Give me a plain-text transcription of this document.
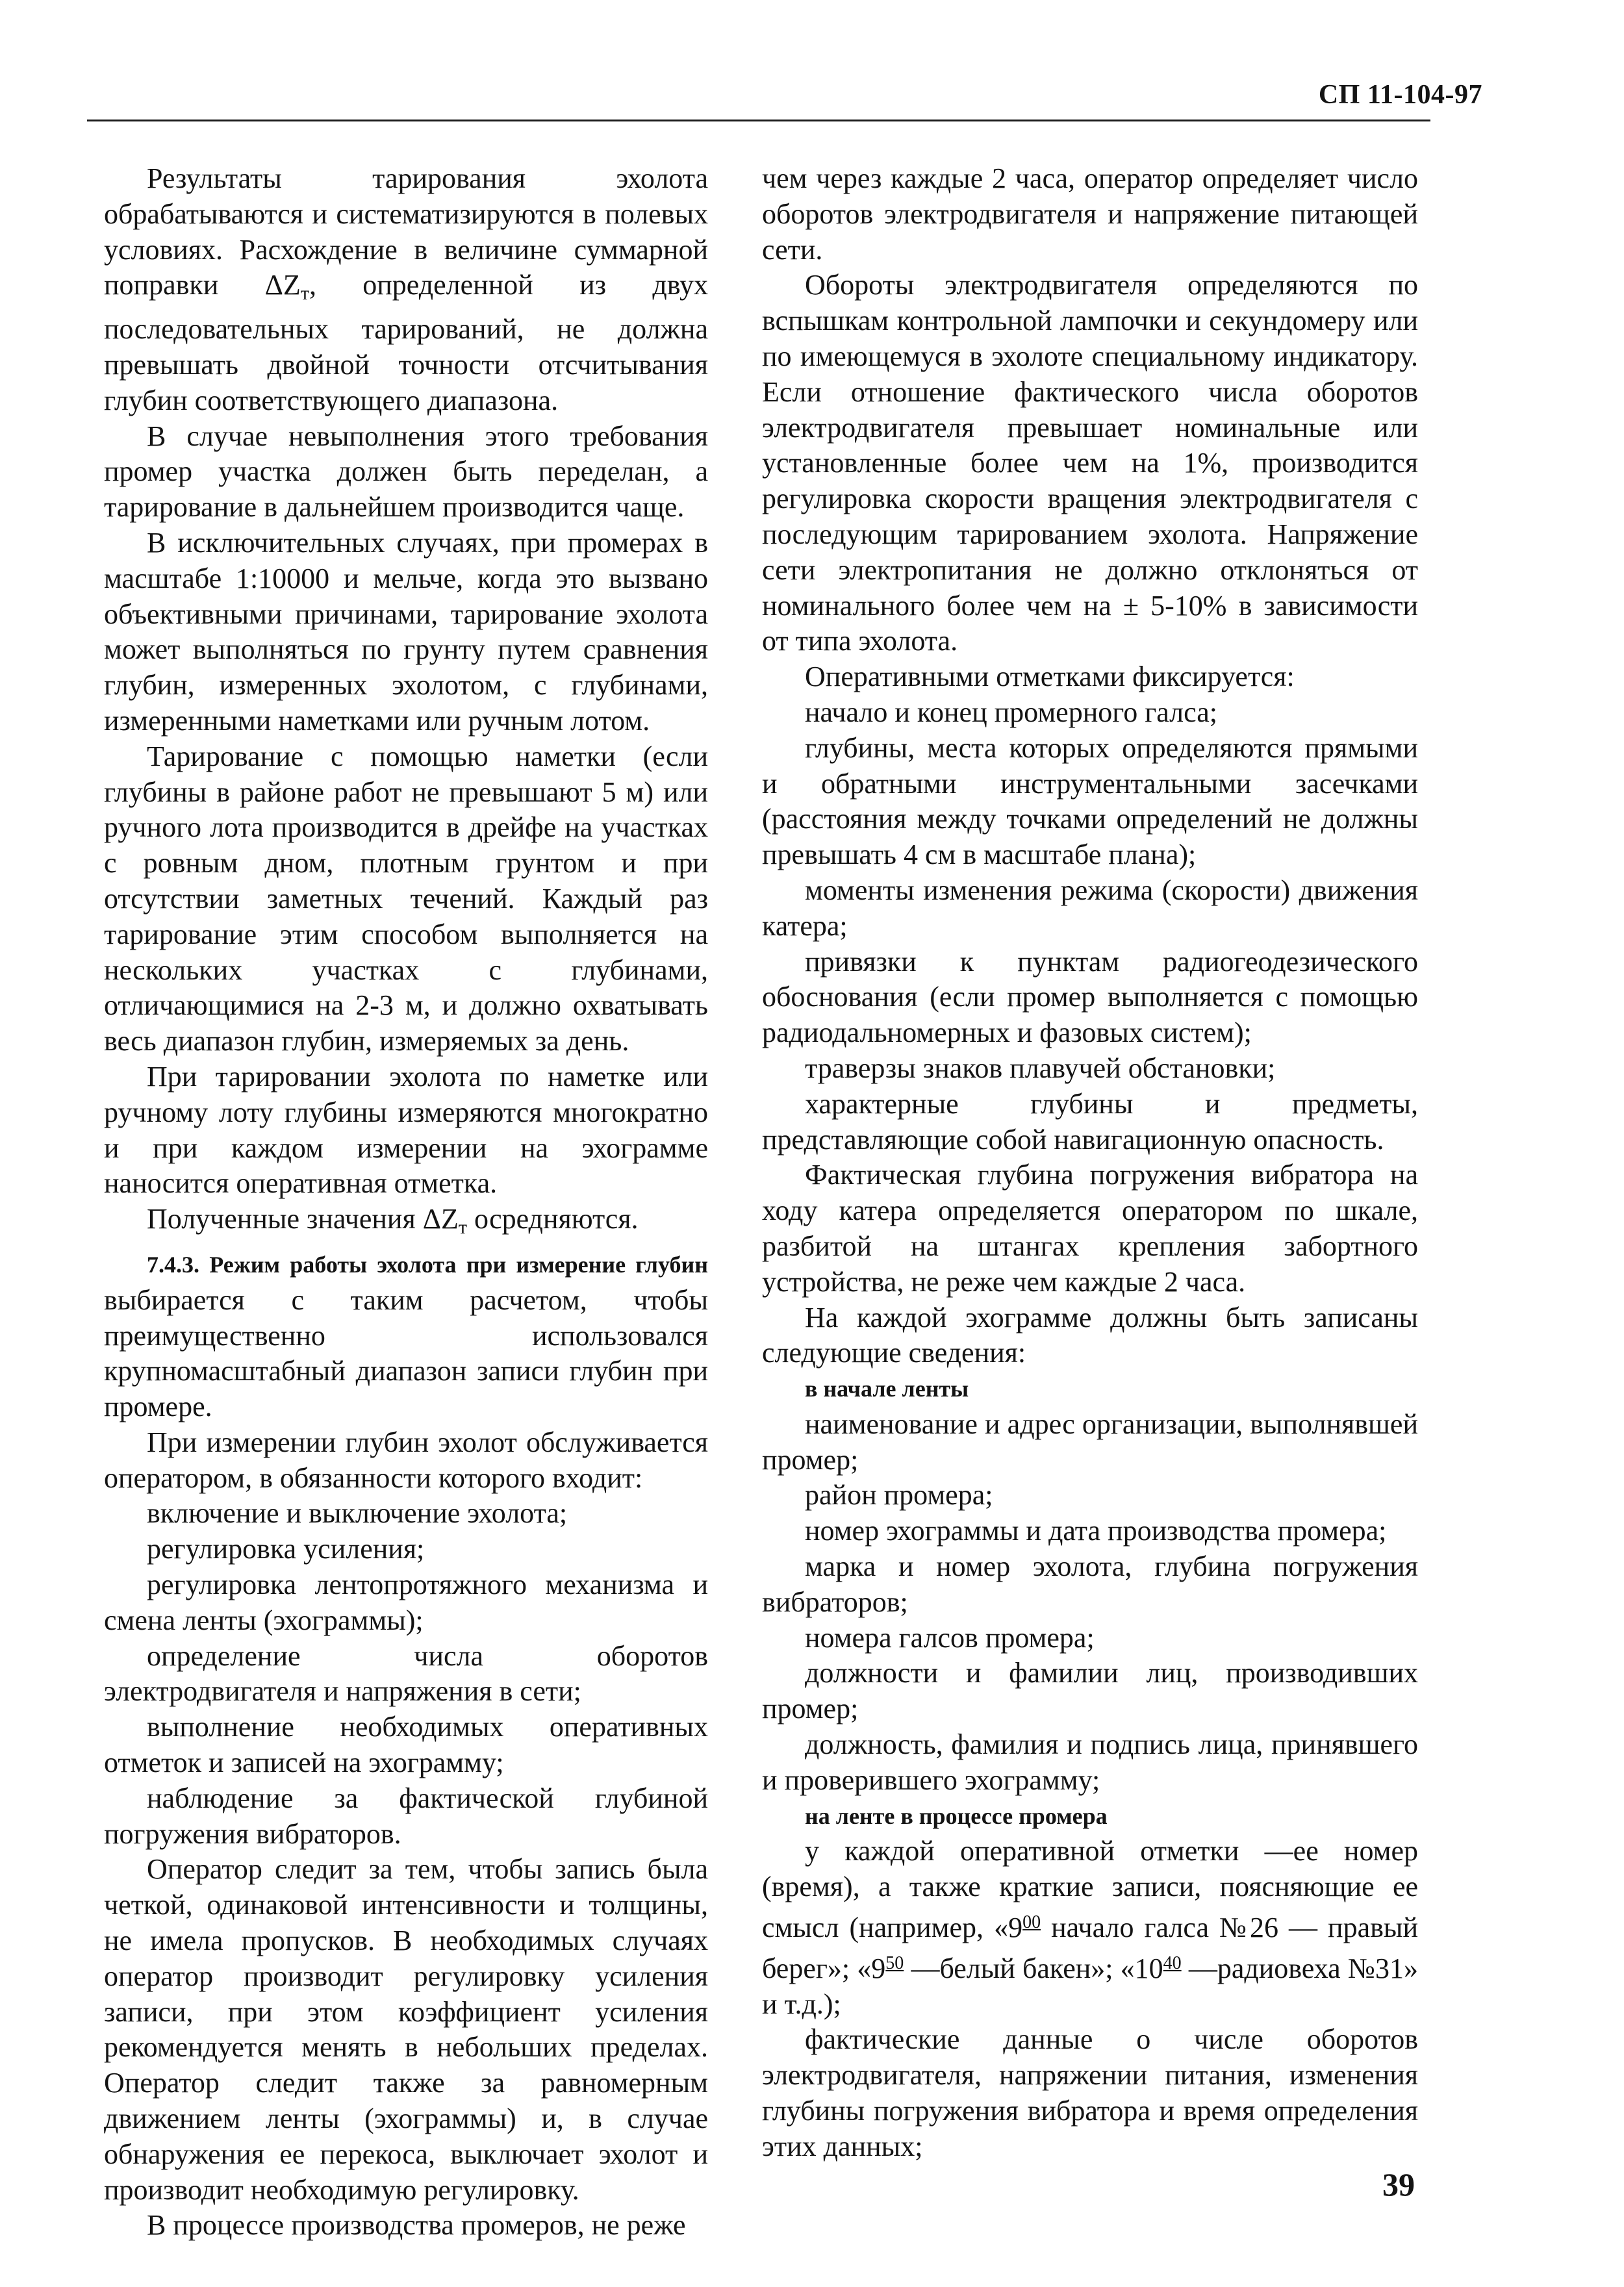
СП 11-104-97

Результаты тарирования эхолота обрабатываются и систематизируются в полевых условиях. Расхождение в величине суммарной поправки $\Delta Z_т$, определенной из двух последовательных тарирований, не должна превышать двойной точности отсчитывания глубин соответствующего диапазона.

В случае невыполнения этого требования промер участка должен быть переделан, а тарирование в дальнейшем производится чаще.

В исключительных случаях, при промерах в масштабе 1:10000 и мельче, когда это вызвано объективными причинами, тарирование эхолота может выполняться по грунту путем сравнения глубин, измеренных эхолотом, с глубинами, измеренными наметками или ручным лотом.

Тарирование с помощью наметки (если глубины в районе работ не превышают 5 м) или ручного лота производится в дрейфе на участках с ровным дном, плотным грунтом и при отсутствии заметных течений. Каждый раз тарирование этим способом выполняется на нескольких участках с глубинами, отличающимися на 2-3 м, и должно охватывать весь диапазон глубин, измеряемых за день.

При тарировании эхолота по наметке или ручному лоту глубины измеряются многократно и при каждом измерении на эхограмме наносится оперативная отметка.

Полученные значения $\Delta Z_т$ осредняются.

7.4.3. Режим работы эхолота при измерение глубин выбирается с таким расчетом, чтобы преимущественно использовался крупномасштабный диапазон записи глубин при промере.

При измерении глубин эхолот обслуживается оператором, в обязанности которого входит:

включение и выключение эхолота;

регулировка усиления;

регулировка лентопротяжного механизма и смена ленты (эхограммы);

определение числа оборотов электродвигателя и напряжения в сети;

выполнение необходимых оперативных отметок и записей на эхограмму;

наблюдение за фактической глубиной погружения вибраторов.

Оператор следит за тем, чтобы запись была четкой, одинаковой интенсивности и толщины, не имела пропусков. В необходимых случаях оператор производит регулировку усиления записи, при этом коэффициент усиления рекомендуется менять в небольших пределах. Оператор следит также за равномерным движением ленты (эхограммы) и, в случае обнаружения ее перекоса, выключает эхолот и производит необходимую регулировку.

В процессе производства промеров, не реже

чем через каждые 2 часа, оператор определяет число оборотов электродвигателя и напряжение питающей сети.

Обороты электродвигателя определяются по вспышкам контрольной лампочки и секундомеру или по имеющемуся в эхолоте специальному индикатору. Если отношение фактического числа оборотов электродвигателя превышает номинальные или установленные более чем на 1%, производится регулировка скорости вращения электродвигателя с последующим тарированием эхолота. Напряжение сети электропитания не должно отклоняться от номинального более чем на ± 5-10% в зависимости от типа эхолота.

Оперативными отметками фиксируется:

начало и конец промерного галса;

глубины, места которых определяются прямыми и обратными инструментальными засечками (расстояния между точками определений не должны превышать 4 см в масштабе плана);

моменты изменения режима (скорости) движения катера;

привязки к пунктам радиогеодезического обоснования (если промер выполняется с помощью радиодальномерных и фазовых систем);

траверзы знаков плавучей обстановки;

характерные глубины и предметы, представляющие собой навигационную опасность.

Фактическая глубина погружения вибратора на ходу катера определяется оператором по шкале, разбитой на штангах крепления забортного устройства, не реже чем каждые 2 часа.

На каждой эхограмме должны быть записаны следующие сведения:

в начале ленты

наименование и адрес организации, выполнявшей промер;

район промера;

номер эхограммы и дата производства промера;

марка и номер эхолота, глубина погружения вибраторов;

номера галсов промера;

должности и фамилии лиц, производивших промер;

должность, фамилия и подпись лица, принявшего и проверившего эхограмму;

на ленте в процессе промера

у каждой оперативной отметки —ее номер (время), а также краткие записи, поясняющие ее смысл (например, «$9^{00}$ начало галса №26 — правый берег»; «$9^{50}$ —белый бакен»; «$10^{40}$ —радиовеха №31» и т.д.);

фактические данные о числе оборотов электродвигателя, напряжении питания, изменения глубины погружения вибратора и время определения этих данных;

39
